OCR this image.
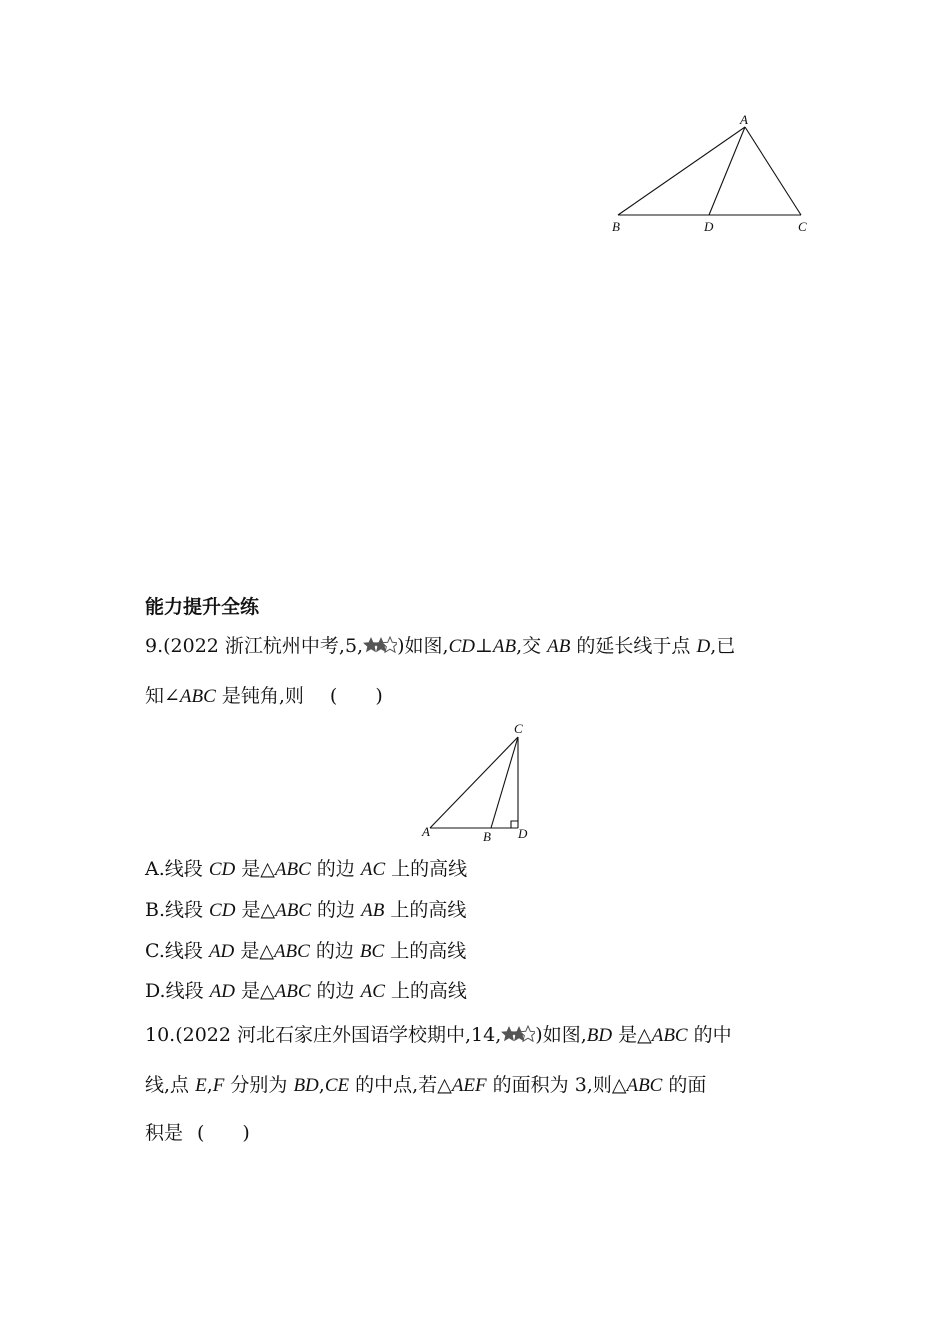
A
B	D	C
能力提升全练
9.(2022 浙江杭州中考,5, )如图,CD⊥AB,交 AB 的延长线于点 D,已
知∠ABC 是钝角,则 (　　)
C
A	B D
A.线段 CD 是△ABC 的边 AC 上的高线
B.线段 CD 是△ABC 的边 AB 上的高线
C.线段 AD 是△ABC 的边 BC 上的高线
D.线段 AD 是△ABC 的边 AC 上的高线
10.(2022 河北石家庄外国语学校期中,14, )如图,BD 是△ABC 的中
线,点 E,F 分别为 BD,CE 的中点,若△AEF 的面积为 3,则△ABC 的面
积是 (　　)
